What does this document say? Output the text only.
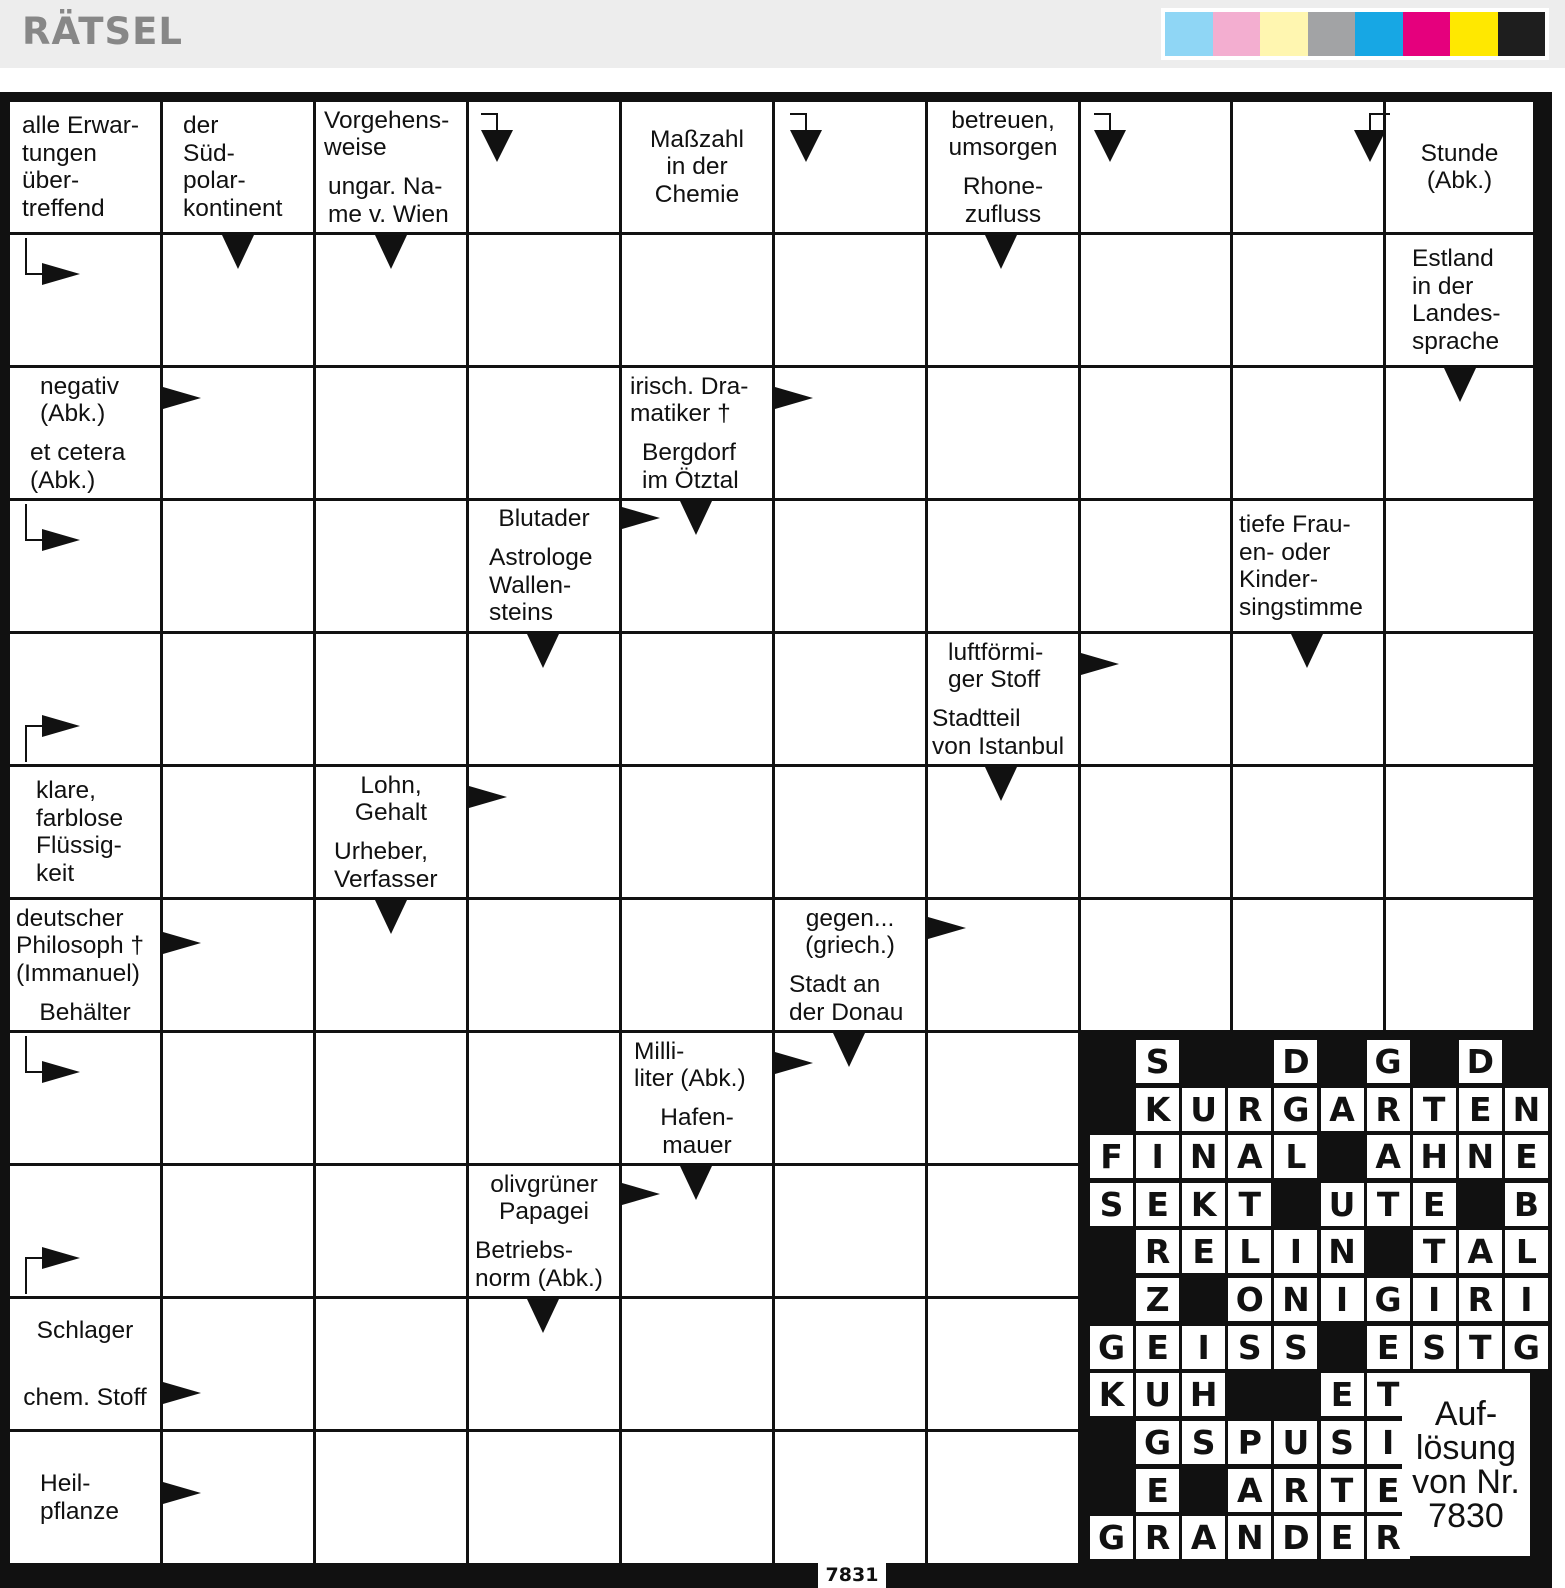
RÄTSEL
alle Erwar-
tungen
über-
treffend
der
Süd-
polar-
kontinent
Vorgehens-
weise
ungar. Na-
me v. Wien
Maßzahl
in der
Chemie
betreuen,
umsorgen
Rhone-
zufluss
Stunde
(Abk.)
Estland
in der
Landes-
sprache
negativ
(Abk.)
et cetera
(Abk.)
irisch. Dra-
matiker †
Bergdorf
im Ötztal
Blutader
Astrologe
Wallen-
steins
tiefe Frau-
en- oder
Kinder-
singstimme
luftförmi-
ger Stoff
Stadtteil
von Istanbul
klare,
farblose
Flüssig-
keit
Lohn,
Gehalt
Urheber,
Verfasser
deutscher
Philosoph †
(Immanuel)
Behälter
gegen...
(griech.)
Stadt an
der Donau
Milli-
liter (Abk.)
Hafen-
mauer
olivgrüner
Papagei
Betriebs-
norm (Abk.)
Schlager
chem. Stoff
Heil-
pflanze
S	D G D
K U R G A R T E N
F I N A L	A H N E
S E K T	U T E	B
R E L I N	T A L
Z O N I G I R I
G E I S S	E S T G
K U H	E T
G S P U S I
E	A R T E
G R A N D E R
Auf-
lösung
von Nr.
7830
7831
